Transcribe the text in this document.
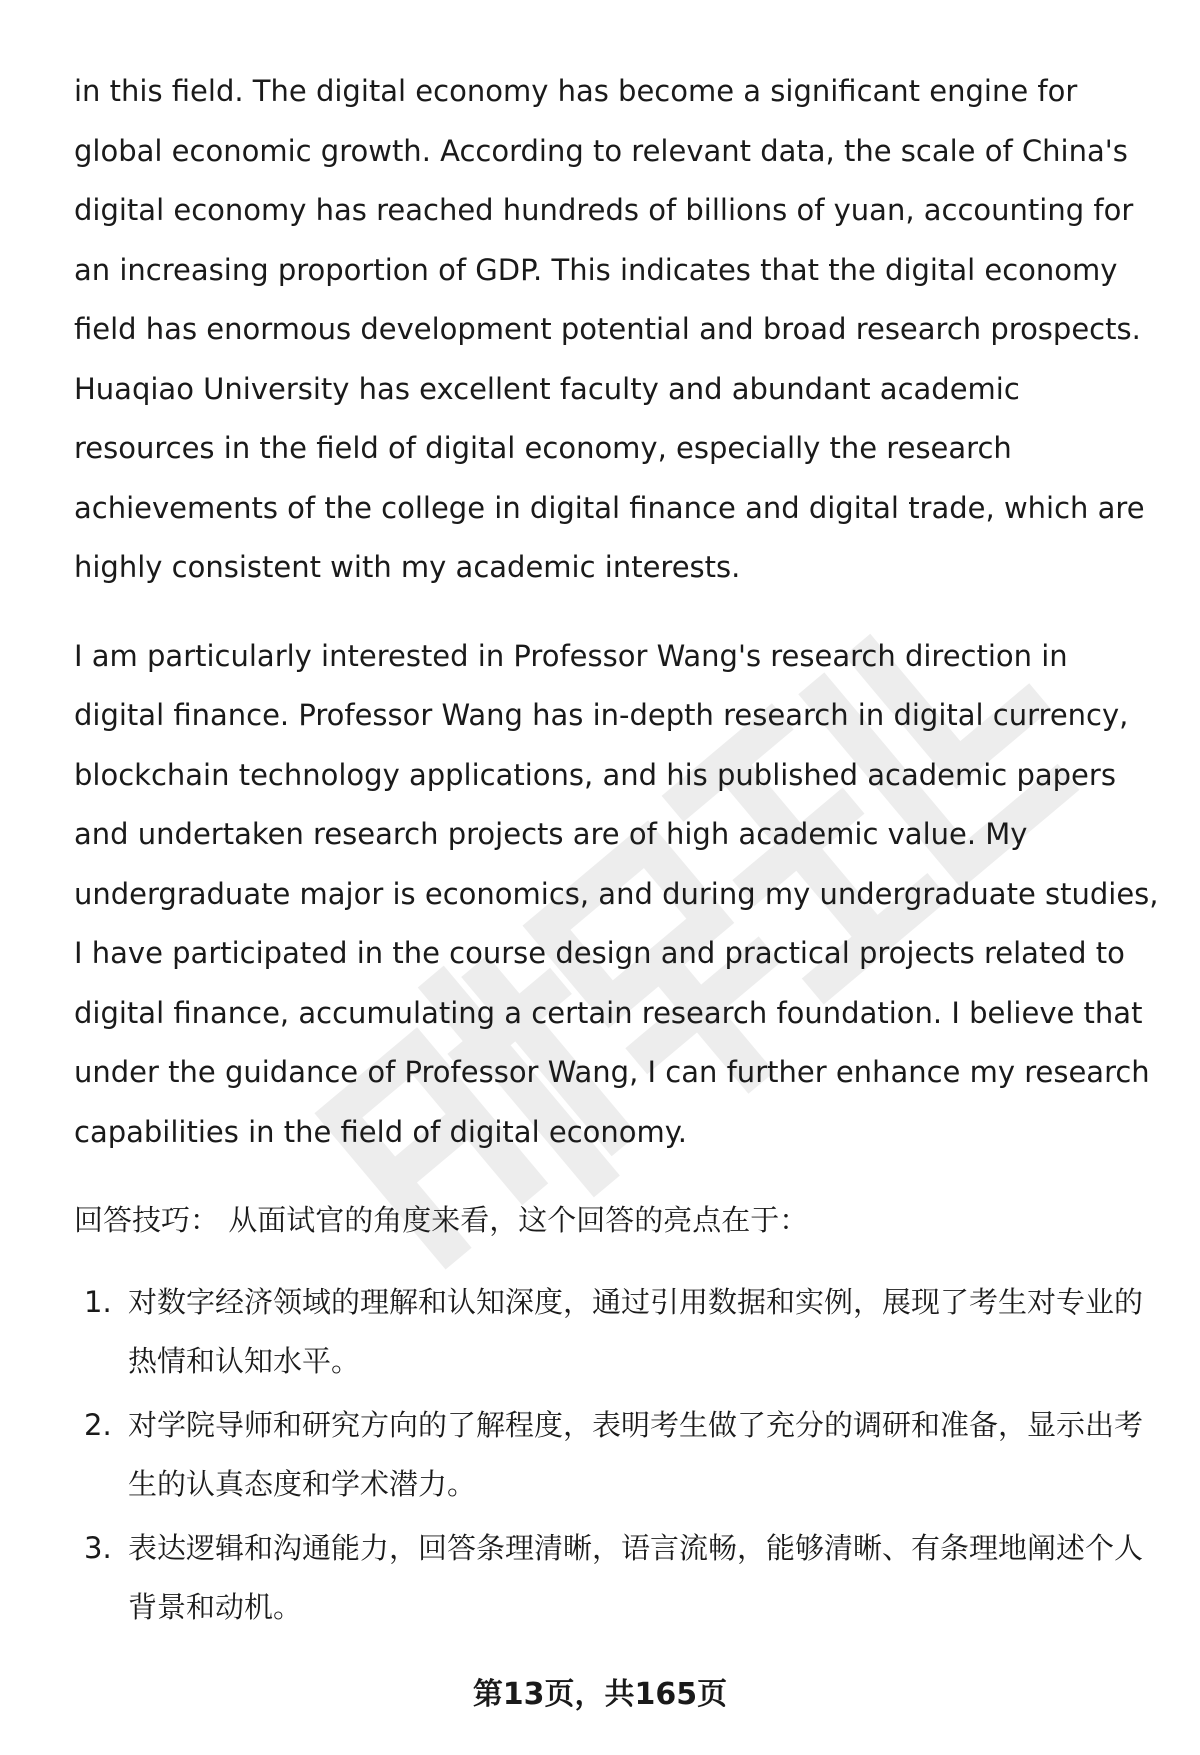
in this field. The digital economy has become a significant engine for global economic growth. According to relevant data, the scale of China's digital economy has reached hundreds of billions of yuan, accounting for an increasing proportion of GDP. This indicates that the digital economy field has enormous development potential and broad research prospects. Huaqiao University has excellent faculty and abundant academic resources in the field of digital economy, especially the research achievements of the college in digital finance and digital trade, which are highly consistent with my academic interests.

I am particularly interested in Professor Wang's research direction in digital finance. Professor Wang has in-depth research in digital currency, blockchain technology applications, and his published academic papers and undertaken research projects are of high academic value. My undergraduate major is economics, and during my undergraduate studies, I have participated in the course design and practical projects related to digital finance, accumulating a certain research foundation. I believe that under the guidance of Professor Wang, I can further enhance my research capabilities in the field of digital economy.

回答技巧： 从面试官的角度来看，这个回答的亮点在于：
1. 对数字经济领域的理解和认知深度，通过引用数据和实例，展现了考生对专业的热情和认知水平。
2. 对学院导师和研究方向的了解程度，表明考生做了充分的调研和准备，显示出考生的认真态度和学术潜力。
3. 表达逻辑和沟通能力，回答条理清晰，语言流畅，能够清晰、有条理地阐述个人背景和动机。
第13页，共165页
